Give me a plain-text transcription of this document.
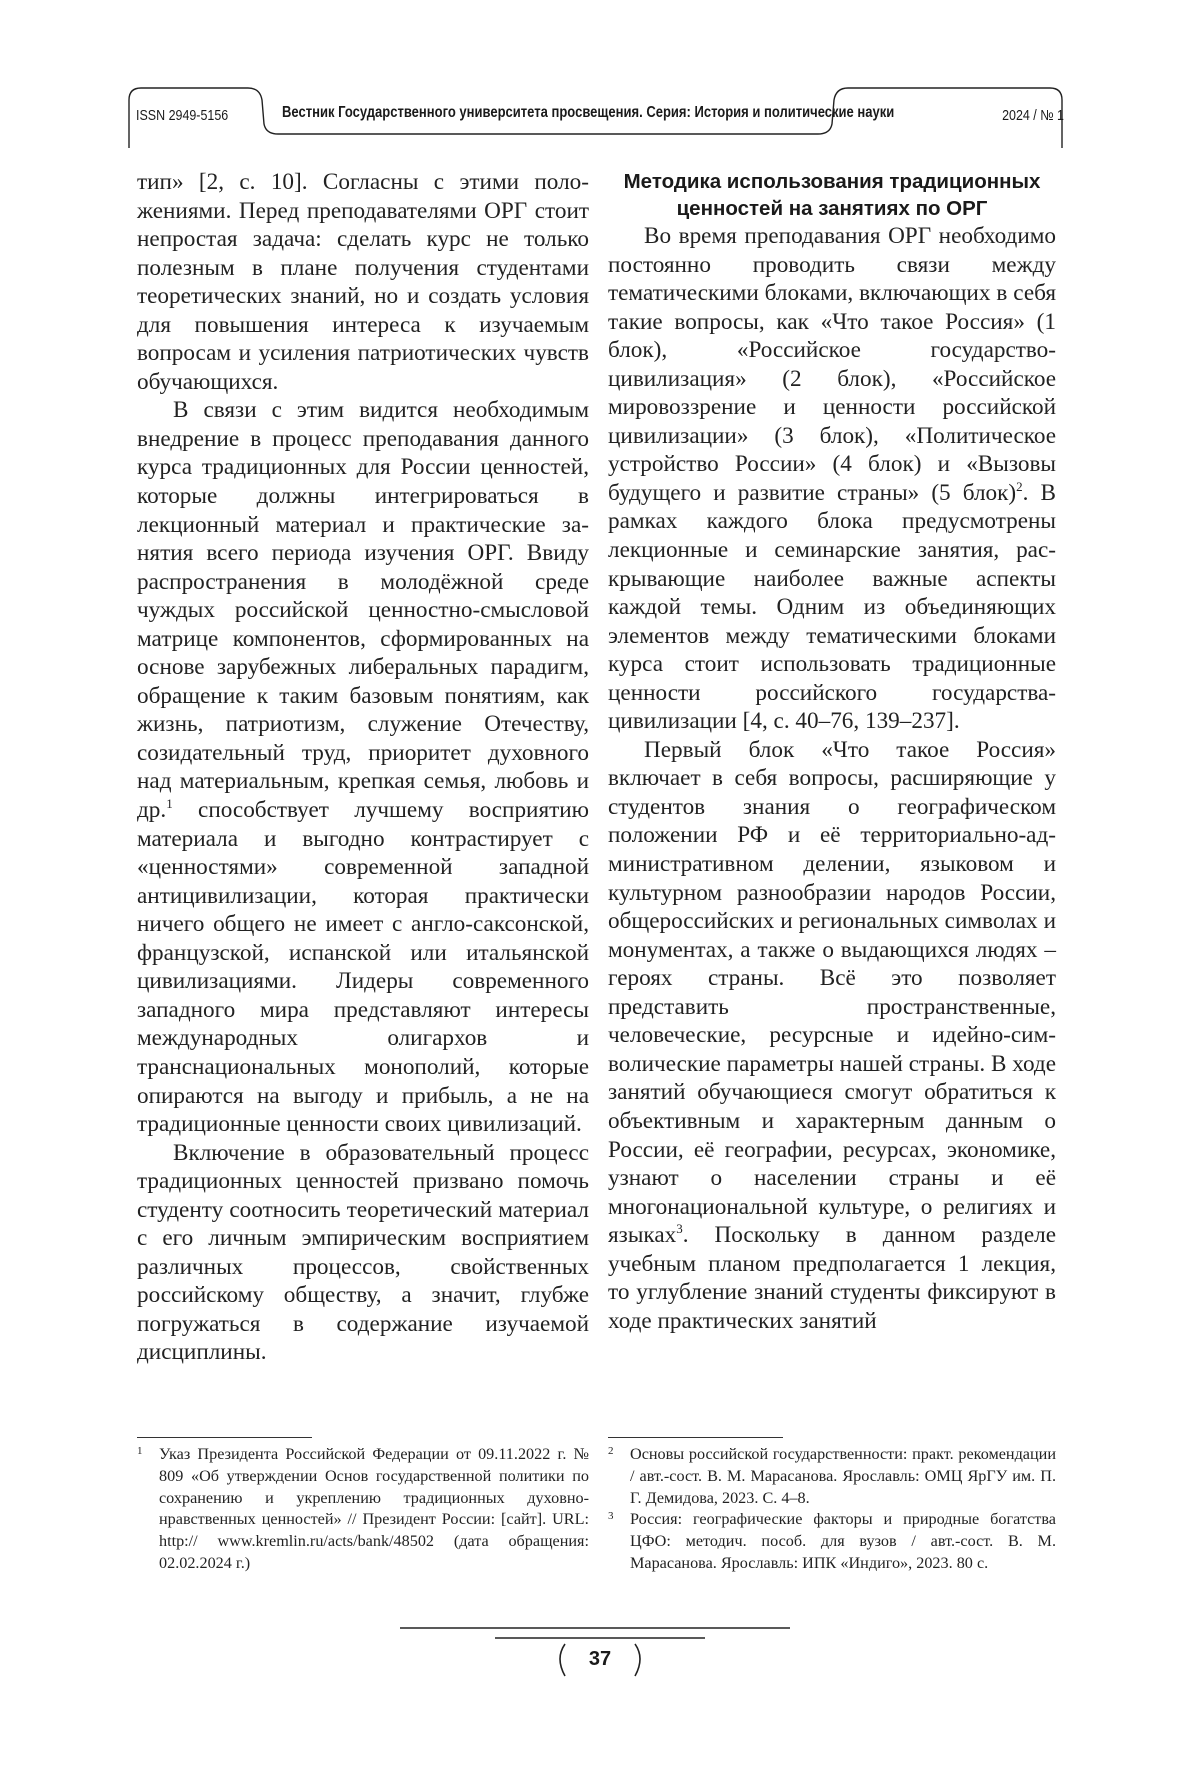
ISSN 2949-5156	Вестник Государственного университета просвещения. Серия: История и политические науки	2024 / № 1

тип» [2, с. 10]. Согласны с этими положениями. Перед преподавателями ОРГ стоит непростая задача: сделать курс не только полезным в плане получения студентами теоретических знаний, но и создать условия для повышения интереса к изучаемым вопросам и усиления патриотических чувств обучающихся.

В связи с этим видится необходимым внедрение в процесс преподавания данного курса традиционных для России ценностей, которые должны интегрироваться в лекционный материал и практические занятия всего периода изучения ОРГ. Ввиду распространения в молодёжной среде чуждых российской ценностно-смысловой матрице компонентов, сформированных на основе зарубежных либеральных парадигм, обращение к таким базовым понятиям, как жизнь, патриотизм, служение Отечеству, созидательный труд, приоритет духовного над материальным, крепкая семья, любовь и др.$^1$ способствует лучшему восприятию материала и выгодно контрастирует с «ценностями» современной западной антицивилизации, которая практически ничего общего не имеет с англо-саксонской, французской, испанской или итальянской цивилизациями. Лидеры современного западного мира представляют интересы международных олигархов и транснациональных монополий, которые опираются на выгоду и прибыль, а не на традиционные ценности своих цивилизаций.

Включение в образовательный процесс традиционных ценностей призвано помочь студенту соотносить теоретический материал с его личным эмпирическим восприятием различных процессов, свойственных российскому обществу, а значит, глубже погружаться в содержание изучаемой дисциплины.

Методика использования традиционных ценностей на занятиях по ОРГ

Во время преподавания ОРГ необходимо постоянно проводить связи между тематическими блоками, включающих в себя такие вопросы, как «Что такое Россия» (1 блок), «Российское государство-цивилизация» (2 блок), «Российское мировоззрение и ценности российской цивилизации» (3 блок), «Политическое устройство России» (4 блок) и «Вызовы будущего и развитие страны» (5 блок)$^2$. В рамках каждого блока предусмотрены лекционные и семинарские занятия, раскрывающие наиболее важные аспекты каждой темы. Одним из объединяющих элементов между тематическими блоками курса стоит использовать традиционные ценности российского государства-цивилизации [4, с. 40–76, 139–237].

Первый блок «Что такое Россия» включает в себя вопросы, расширяющие у студентов знания о географическом положении РФ и её территориально-административном делении, языковом и культурном разнообразии народов России, общероссийских и региональных символах и монументах, а также о выдающихся людях – героях страны. Всё это позволяет представить пространственные, человеческие, ресурсные и идейно-символические параметры нашей страны. В ходе занятий обучающиеся смогут обратиться к объективным и характерным данным о России, её географии, ресурсах, экономике, узнают о населении страны и её многонациональной культуре, о религиях и языках$^3$. Поскольку в данном разделе учебным планом предполагается 1 лекция, то углубление знаний студенты фиксируют в ходе практических занятий

1 Указ Президента Российской Федерации от 09.11.2022 г. № 809 «Об утверждении Основ государственной политики по сохранению и укреплению традиционных духовно-нравственных ценностей» // Президент России: [сайт]. URL: http:// www.kremlin.ru/acts/bank/48502 (дата обращения: 02.02.2024 г.)
2 Основы российской государственности: практ. рекомендации / авт.-сост. В. М. Марасанова. Ярославль: ОМЦ ЯрГУ им. П. Г. Демидова, 2023. С. 4–8.
3 Россия: географические факторы и природные богатства ЦФО: методич. пособ. для вузов / авт.-сост. В. М. Марасанова. Ярославль: ИПК «Индиго», 2023. 80 с.
37
